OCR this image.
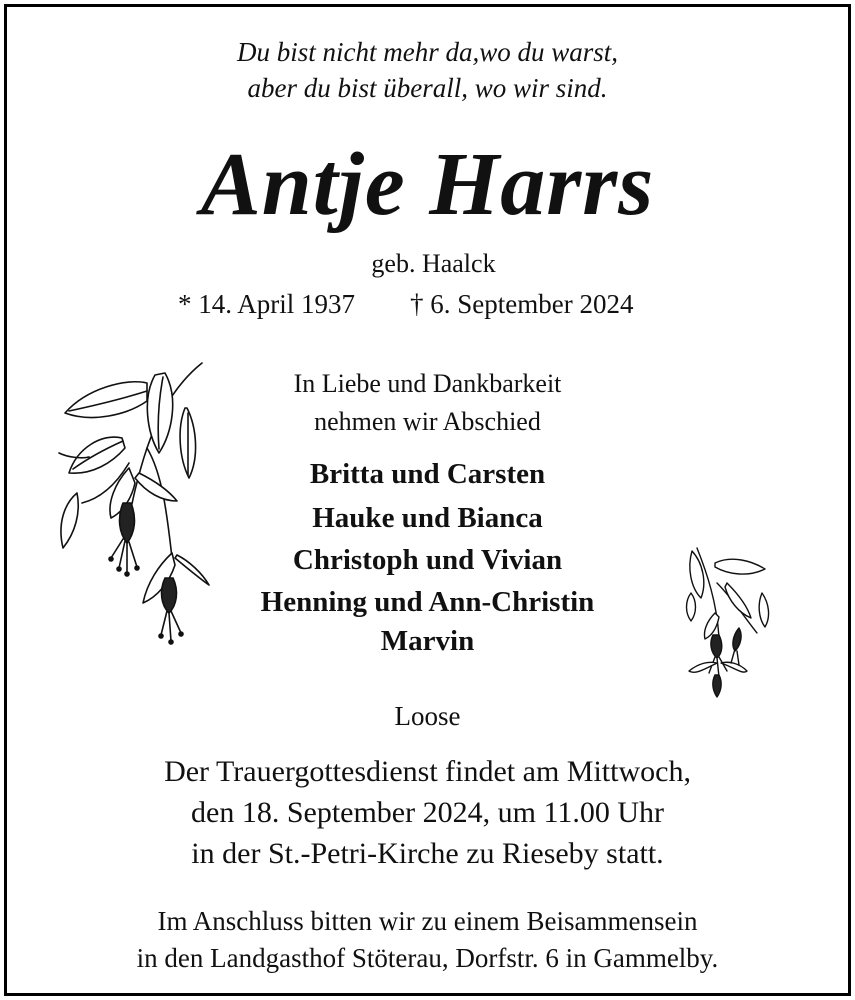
Du bist nicht mehr da,wo du warst,
aber du bist überall, wo wir sind.
Antje Harrs
geb. Haalck
* 14. April 1937 † 6. September 2024
In Liebe und Dankbarkeit
nehmen wir Abschied
Britta und Carsten
Hauke und Bianca
Christoph und Vivian
Henning und Ann-Christin
Marvin
Loose
Der Trauergottesdienst findet am Mittwoch,
den 18. September 2024, um 11.00 Uhr
in der St.-Petri-Kirche zu Rieseby statt.
Im Anschluss bitten wir zu einem Beisammensein
in den Landgasthof Stöterau, Dorfstr. 6 in Gammelby.
